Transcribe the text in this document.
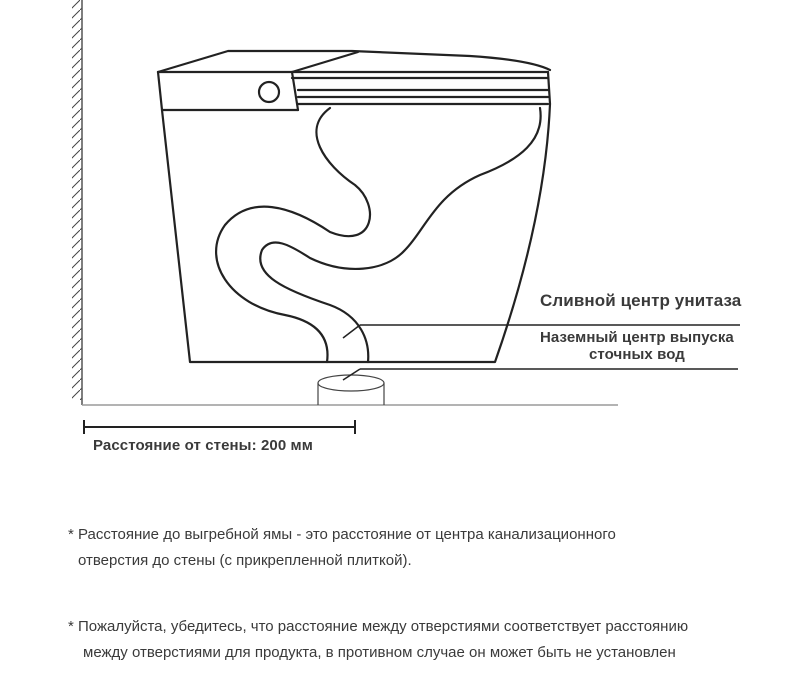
Сливной центр унитаза
Наземный центр выпуска
сточных вод
Расстояние от стены: 200 мм
* Расстояние до выгребной ямы - это расстояние от центра канализационного
отверстия до стены (с прикрепленной плиткой).
* Пожалуйста, убедитесь, что расстояние между отверстиями соответствует расстоянию
между отверстиями для продукта, в противном случае он может быть не установлен
